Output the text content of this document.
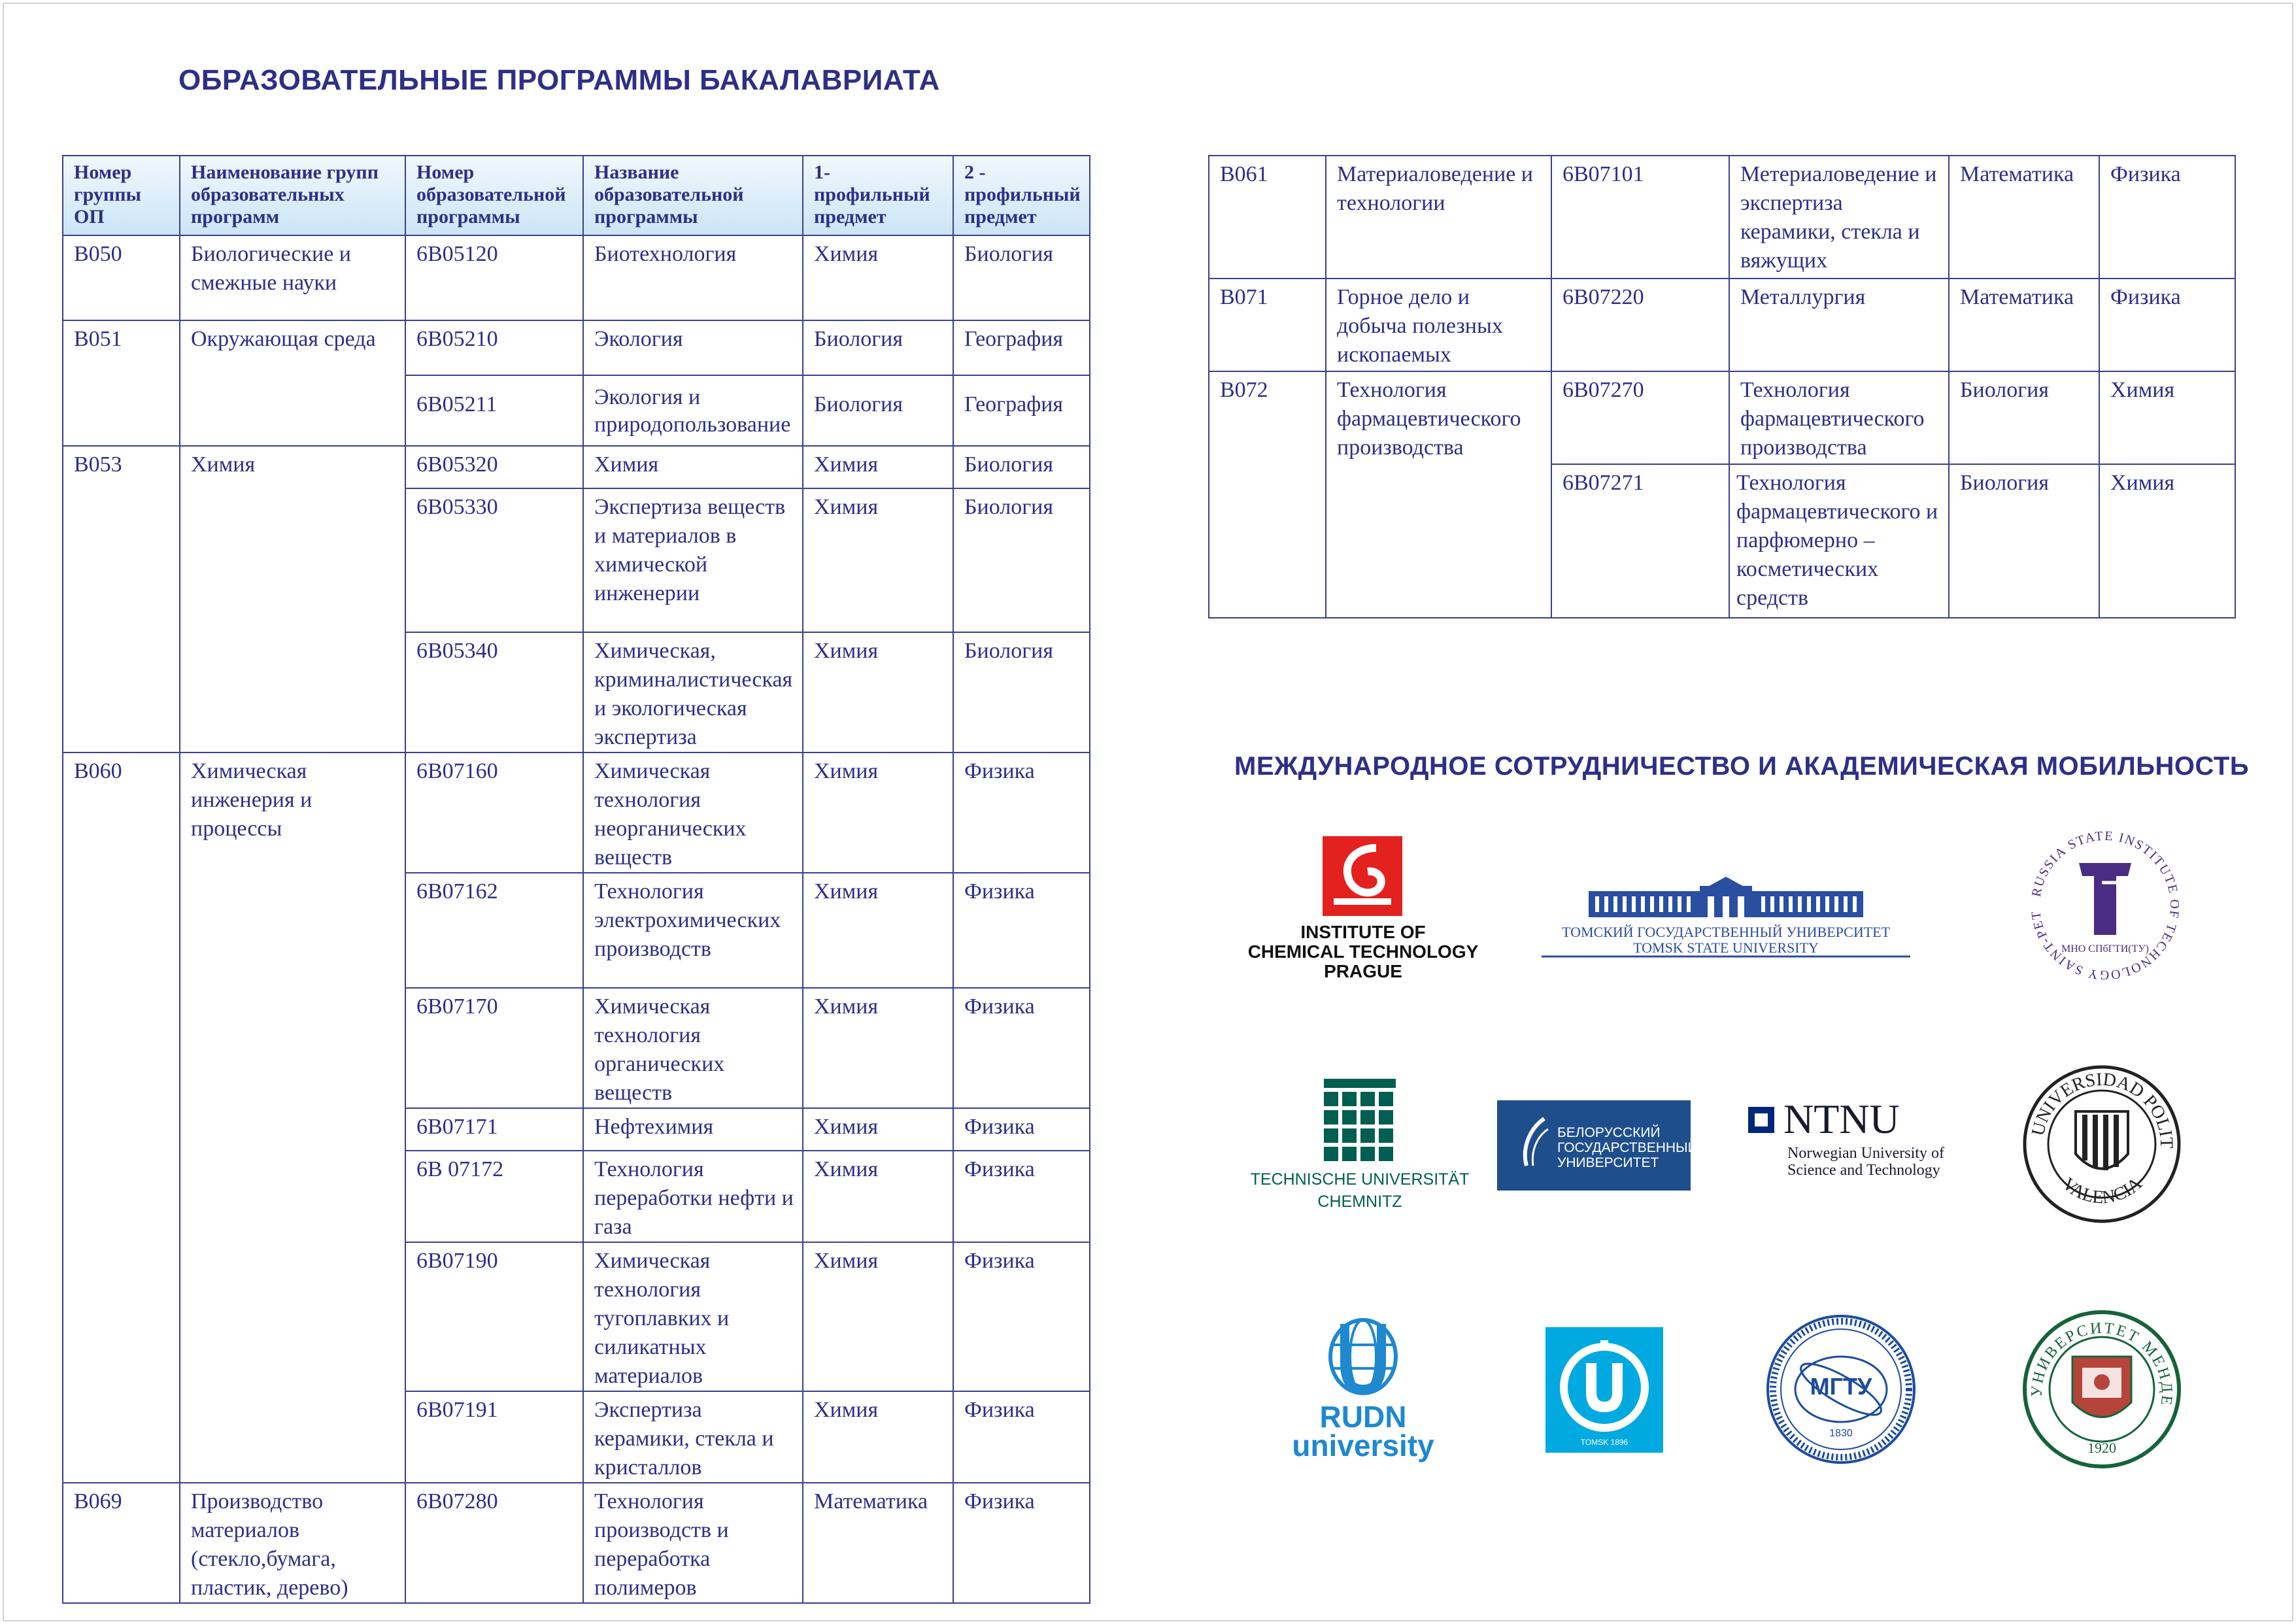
ОБРАЗОВАТЕЛЬНЫЕ ПРОГРАММЫ БАКАЛАВРИАТА
Номер группы ОП	Наименование групп образовательных программ	Номер образовательной программы	Название образовательной программы	1- профильный предмет	2 - профильный предмет
B050	Биологические и смежные науки	6B05120	Биотехнология	Химия	Биология
B051	Окружающая среда	6B05210	Экология	Биология	География
		6B05211	Экология и природопользование	Биология	География
B053	Химия	6B05320	Химия	Химия	Биология
		6B05330	Экспертиза веществ и материалов в химической инженерии	Химия	Биология
		6B05340	Химическая, криминалистическая и экологическая экспертиза	Химия	Биология
B060	Химическая инженерия и процессы	6B07160	Химическая технология неорганических веществ	Химия	Физика
		6B07162	Технология электрохимических производств	Химия	Физика
		6B07170	Химическая технология органических веществ	Химия	Физика
		6B07171	Нефтехимия	Химия	Физика
		6B 07172	Технология переработки нефти и газа	Химия	Физика
		6B07190	Химическая технология тугоплавких и силикатных материалов	Химия	Физика
		6B07191	Экспертиза керамики, стекла и кристаллов	Химия	Физика
B069	Производство материалов (стекло,бумага, пластик, дерево)	6B07280	Технология производств и переработка полимеров	Математика	Физика
B061	Материаловедение и технологии	6B07101	Метериаловедение и экспертиза керамики, стекла и вяжущих	Математика	Физика
B071	Горное дело и добыча полезных ископаемых	6B07220	Металлургия	Математика	Физика
B072	Технология фармацевтического производства	6B07270	Технология фармацевтического производства	Биология	Химия
		6B07271	Технология фармацевтического и парфюмерно – косметических средств	Биология	Химия
МЕЖДУНАРОДНОЕ СОТРУДНИЧЕСТВО И АКАДЕМИЧЕСКАЯ МОБИЛЬНОСТЬ
INSTITUTE OF
CHEMICAL TECHNOLOGY
PRAGUE
ТОМСКИЙ ГОСУДАРСТВЕННЫЙ УНИВЕРСИТЕТ
TOMSK STATE UNIVERSITY
RUSSIA STATE INSTITUTE OF TECHNOLOGY SAINT-PET
МНО СПбГТИ(ТУ)
TECHNISCHE UNIVERSITÄT
CHEMNITZ
БЕЛОРУССКИЙ ГОСУДАРСТВЕННЫЙ УНИВЕРСИТЕТ
NTNU
Norwegian University of
Science and Technology
UNIVERSIDAD POLIT
VALENCIA
RUDN
university	TOMSK 1896
МГТУ
1830
УНИВЕРСИТЕТ МЕНДЕ
1920
